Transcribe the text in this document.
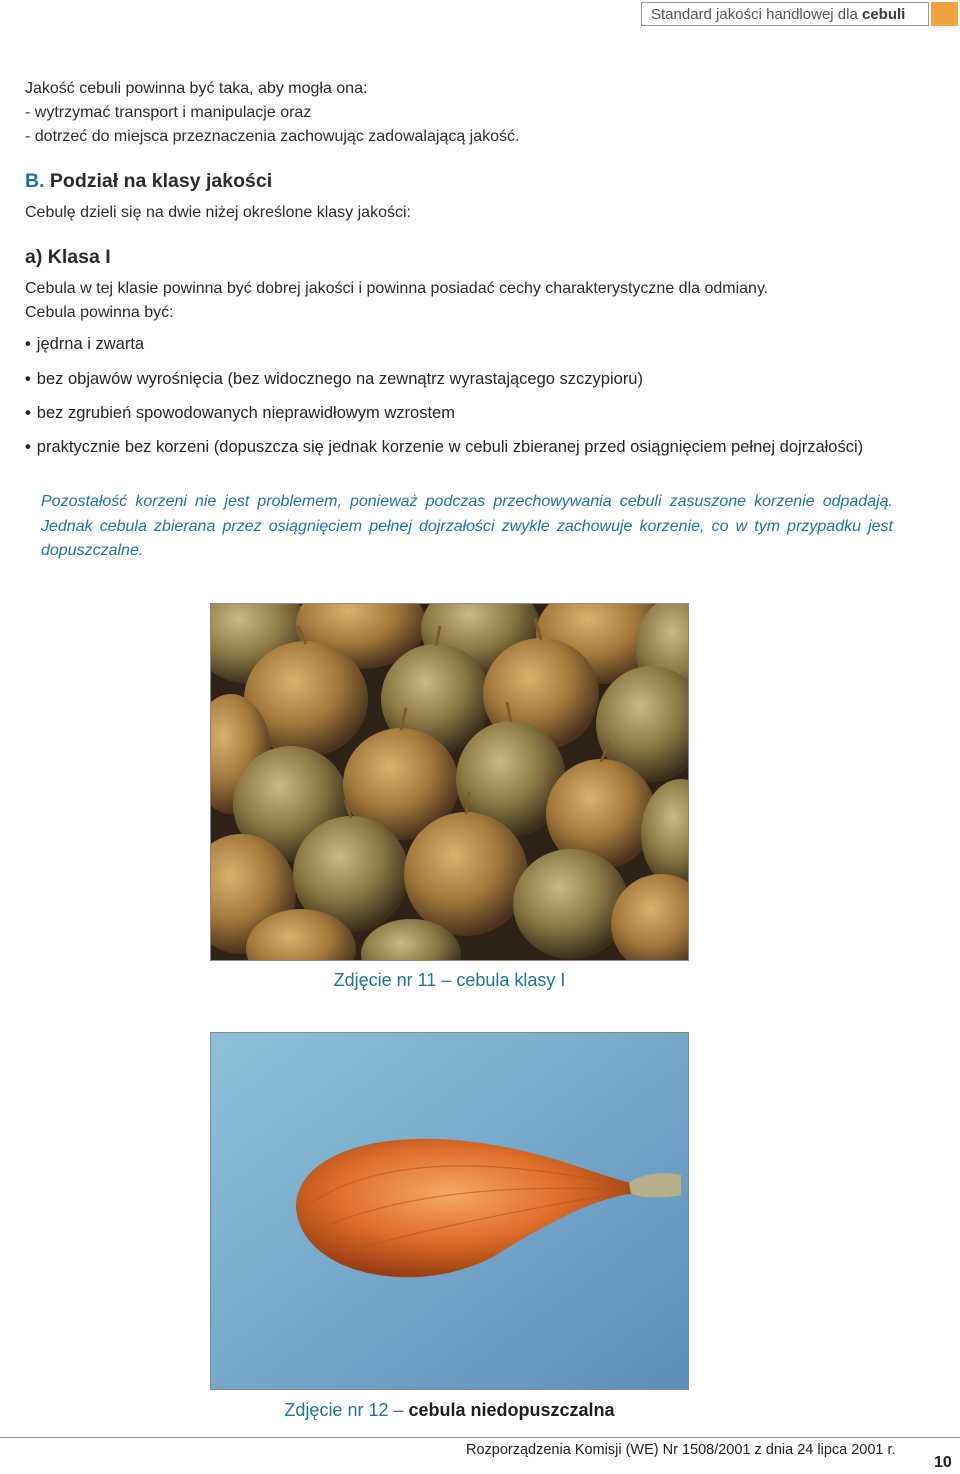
Standard jakości handlowej dla cebuli

Jakość cebuli powinna być taka, aby mogła ona:

- wytrzymać transport i manipulacje oraz

- dotrzeć do miejsca przeznaczenia zachowując zadowalającą jakość.

B. Podział na klasy jakości

Cebulę dzieli się na dwie niżej określone klasy jakości:

a) Klasa I

Cebula w tej klasie powinna być dobrej jakości i powinna posiadać cechy charakterystyczne dla odmiany.

Cebula powinna być:

• jędrna i zwarta
• bez objawów wyrośnięcia (bez widocznego na zewnątrz wyrastającego szczypioru)
• bez zgrubień spowodowanych nieprawidłowym wzrostem
• praktycznie bez korzeni (dopuszcza się jednak korzenie w cebuli zbieranej przed osiągnięciem pełnej dojrzałości)
Pozostałość korzeni nie jest problemem, ponieważ podczas przechowywania cebuli zasuszone korzenie odpadają. Jednak cebula zbierana przez osiągnięciem pełnej dojrzałości zwykle zachowuje korzenie, co w tym przypadku jest dopuszczalne.
Zdjęcie nr 11 – cebula klasy I
Zdjęcie nr 12 – cebula niedopuszczalna
Rozporządzenia Komisji (WE) Nr 1508/2001 z dnia 24 lipca 2001 r.
10
